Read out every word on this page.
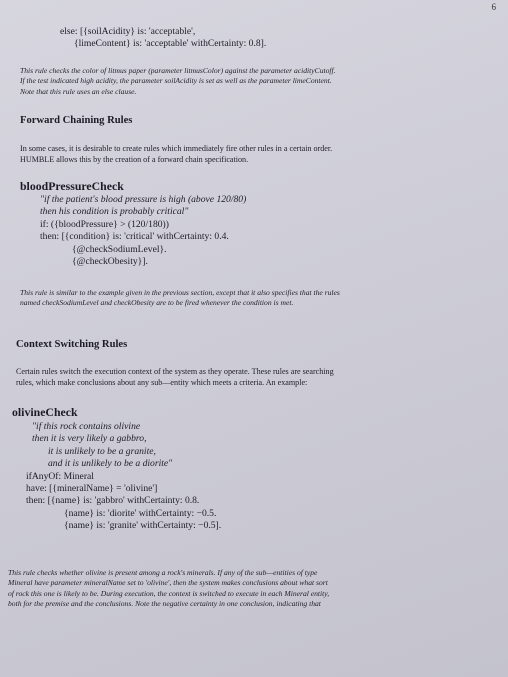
6
else: [{soilAcidity} is: 'acceptable',
{limeContent} is: 'acceptable' withCertainty: 0.8].
This rule checks the color of litmus paper (parameter litmusColor) against the parameter acidityCutoff.
If the test indicated high acidity, the parameter soilAcidity is set as well as the parameter limeContent.
Note that this rule uses an else clause.
Forward Chaining Rules
In some cases, it is desirable to create rules which immediately fire other rules in a certain order.
HUMBLE allows this by the creation of a forward chain specification.
bloodPressureCheck
"if the patient's blood pressure is high (above 120/80)
then his condition is probably critical"
if: ({bloodPressure} > (120/180))
then: [{condition} is: 'critical' withCertainty: 0.4.
{@checkSodiumLevel}.
{@checkObesity}].
This rule is similar to the example given in the previous section, except that it also specifies that the rules
named checkSodiumLevel and checkObesity are to be fired whenever the condition is met.
Context Switching Rules
Certain rules switch the execution context of the system as they operate. These rules are searching
rules, which make conclusions about any sub—entity which meets a criteria. An example:
olivineCheck
"if this rock contains olivine
then it is very likely a gabbro,
it is unlikely to be a granite,
and it is unlikely to be a diorite"
ifAnyOf: Mineral
have: [{mineralName} = 'olivine']
then: [{name} is: 'gabbro' withCertainty: 0.8.
{name} is: 'diorite' withCertainty: −0.5.
{name} is: 'granite' withCertainty: −0.5].
This rule checks whether olivine is present among a rock's minerals. If any of the sub—entities of type
Mineral have parameter mineralName set to 'olivine', then the system makes conclusions about what sort
of rock this one is likely to be. During execution, the context is switched to execute in each Mineral entity,
both for the premise and the conclusions. Note the negative certainty in one conclusion, indicating that
